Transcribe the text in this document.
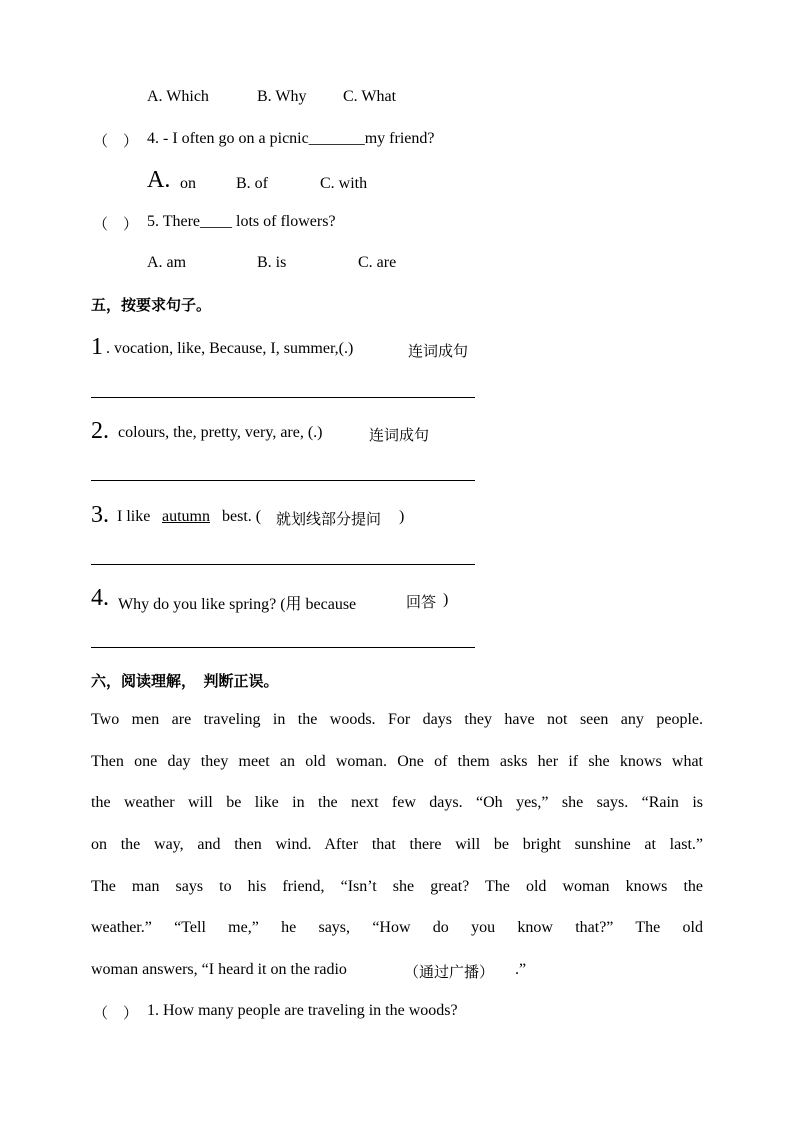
A. Which	B. Why C. What
（　） 4. - I often go on a picnic_______my friend?
A. on	B. of	C. with
（　） 5. There____ lots of flowers?
A. am	B. is	C. are
五，按要求句子。
1 . vocation, like, Because, I, summer,(.)	连词成句
2. colours, the, pretty, very, are, (.)	连词成句
3. I like autumn best. ( 就划线部分提问 )
4. Why do you like spring? (用 because	回答 )
六，阅读理解，　判断正误。
Two men are traveling in the woods. For days they have not seen any people.
Then one day they meet an old woman. One of them asks her if she knows what
the weather will be like in the next few days. “Oh yes,” she says. “Rain is
on the way, and then wind. After that there will be bright sunshine at last.”
The man says to his friend, “Isn’t she great? The old woman knows the
weather.” “Tell me,” he says, “How do you know that?” The old
woman answers, “I heard it on the radio	（通过广播） .”
（　） 1. How many people are traveling in the woods?
